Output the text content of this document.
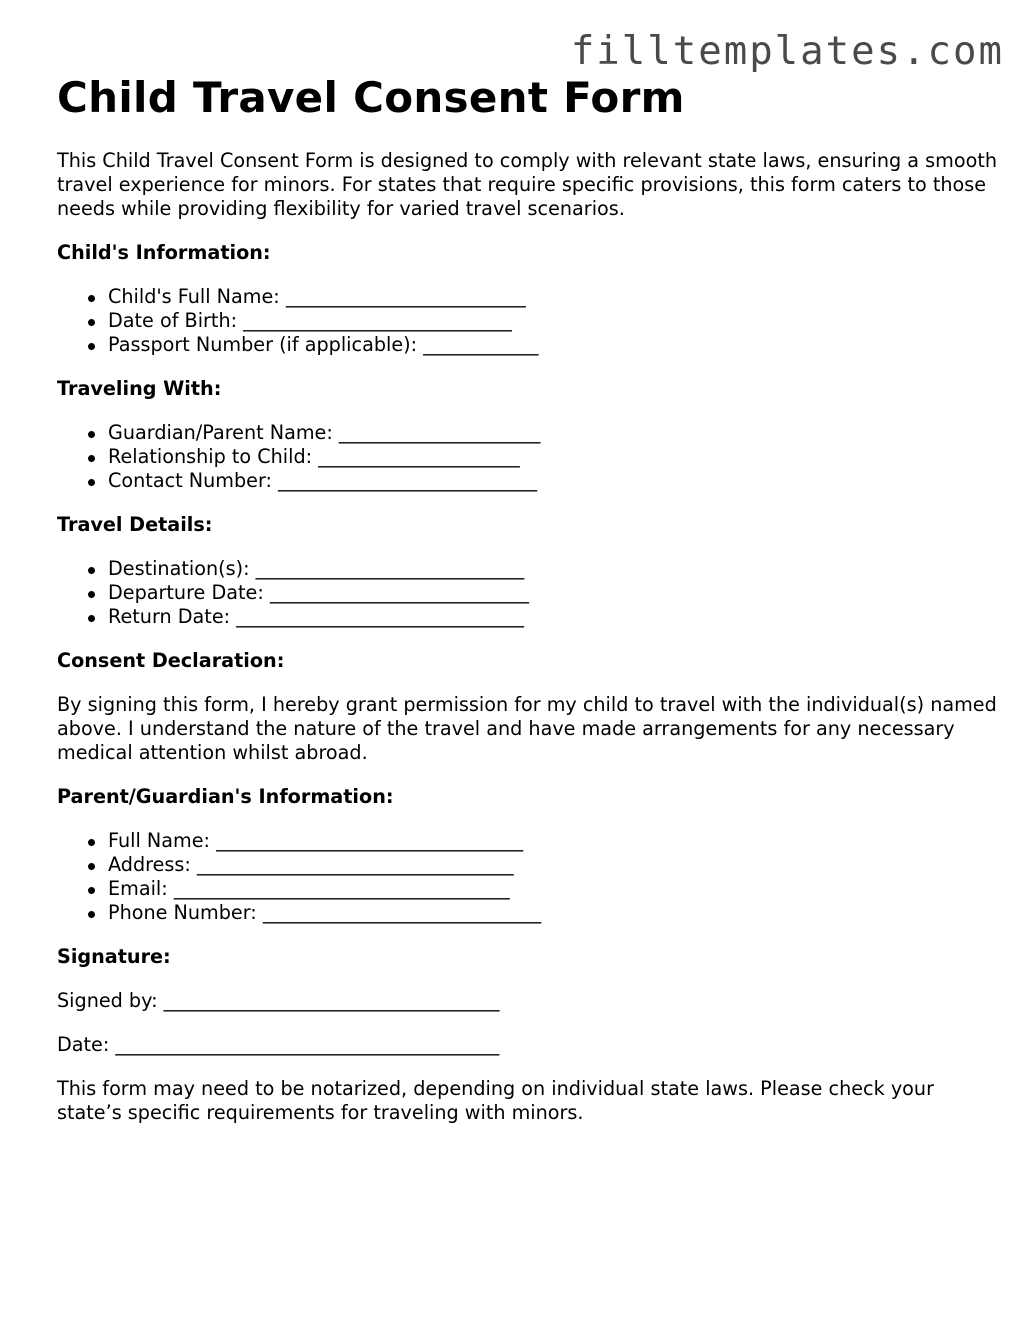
filltemplates.com
Child Travel Consent Form

This Child Travel Consent Form is designed to comply with relevant state laws, ensuring a smooth travel experience for minors. For states that require specific provisions, this form caters to those needs while providing flexibility for varied travel scenarios.

Child's Information:
Child's Full Name: _________________________
Date of Birth: ____________________________
Passport Number (if applicable): ____________
Traveling With:
Guardian/Parent Name: _____________________
Relationship to Child: _____________________
Contact Number: ___________________________
Travel Details:
Destination(s): ____________________________
Departure Date: ___________________________
Return Date: ______________________________
Consent Declaration:

By signing this form, I hereby grant permission for my child to travel with the individual(s) named above. I understand the nature of the travel and have made arrangements for any necessary medical attention whilst abroad.

Parent/Guardian's Information:
Full Name: ________________________________
Address: _________________________________
Email: ___________________________________
Phone Number: _____________________________
Signature:

Signed by: ___________________________________

Date: ________________________________________

This form may need to be notarized, depending on individual state laws. Please check your state’s specific requirements for traveling with minors.
